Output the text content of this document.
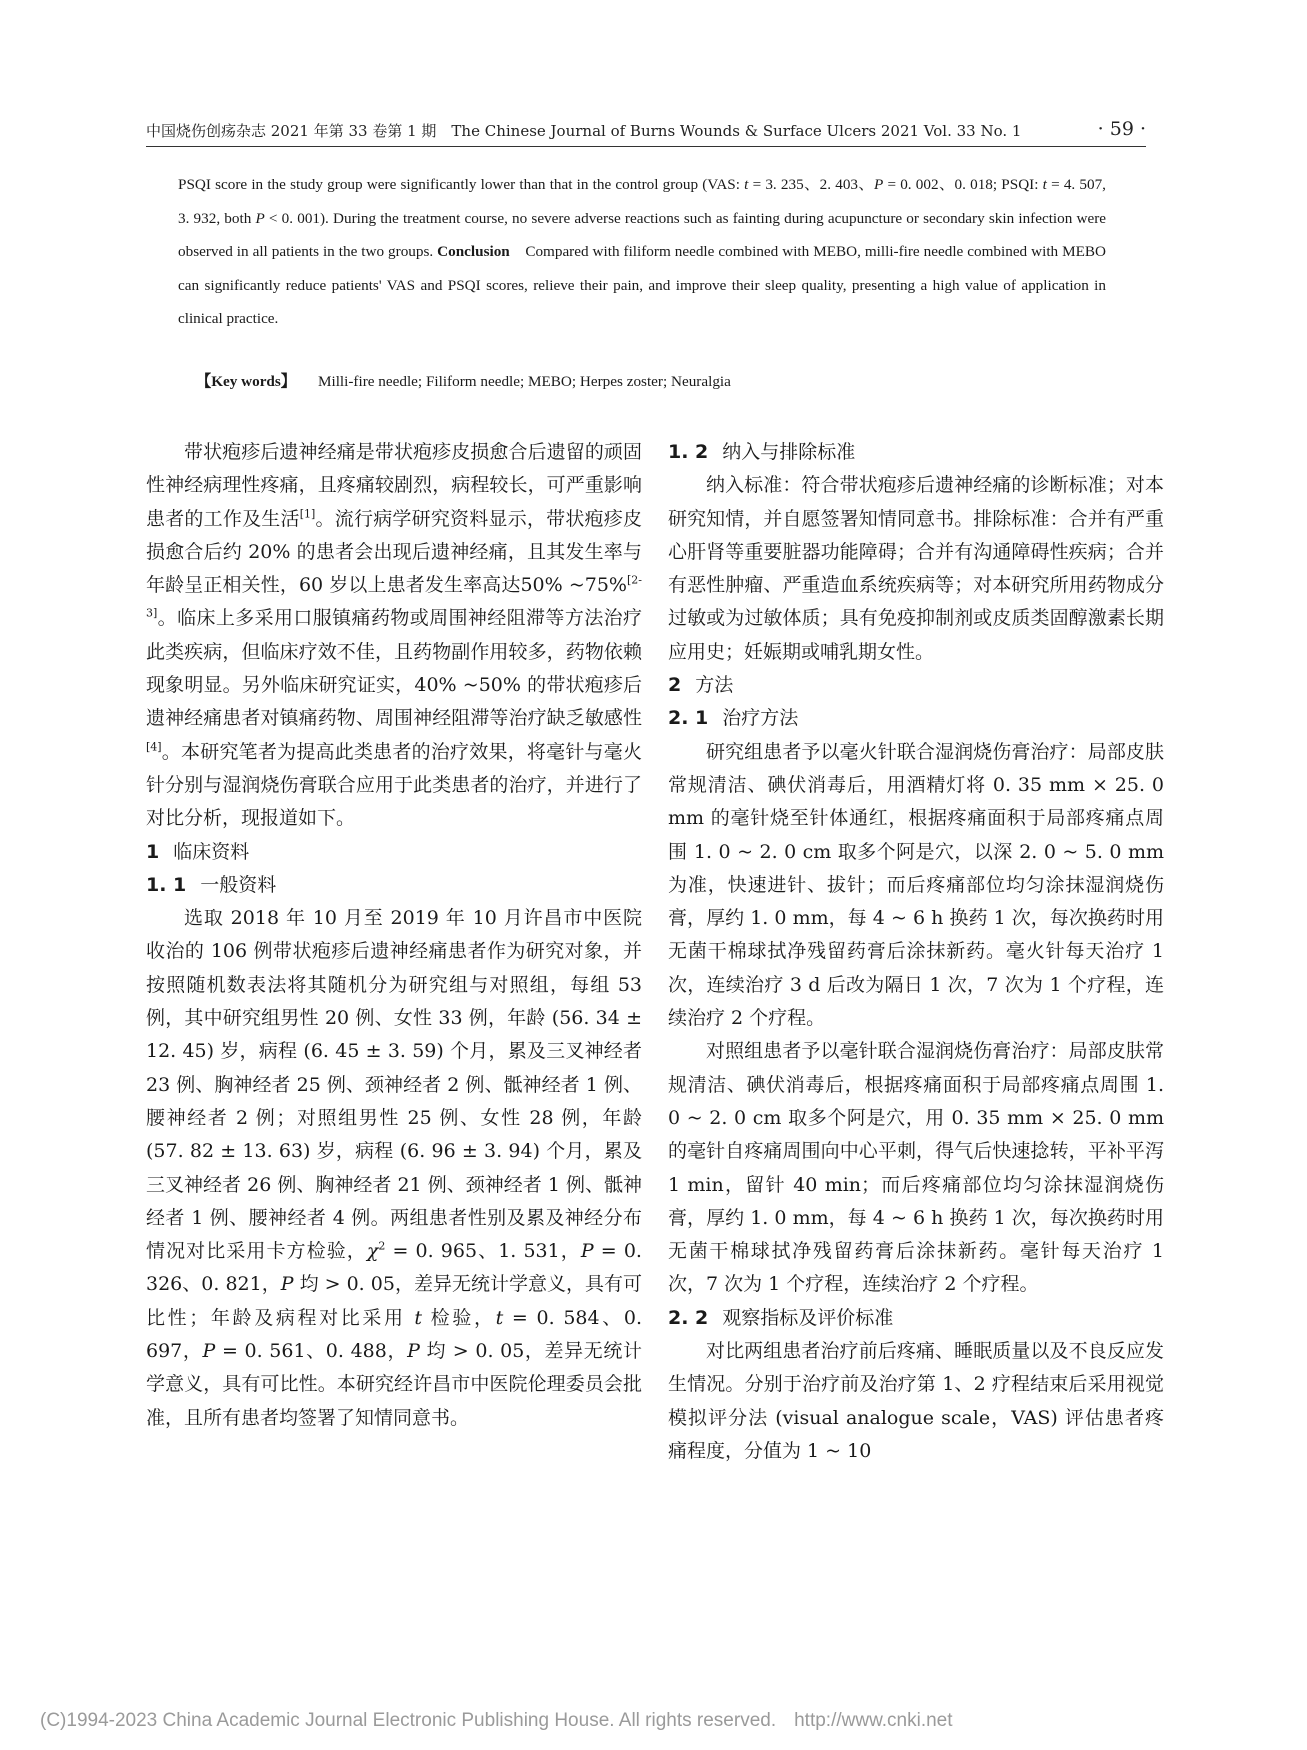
中国烧伤创疡杂志 2021 年第 33 卷第 1 期　The Chinese Journal of Burns Wounds & Surface Ulcers 2021 Vol. 33 No. 1	· 59 ·

PSQI score in the study group were significantly lower than that in the control group (VAS: t = 3. 235、2. 403、P = 0. 002、0. 018; PSQI: t = 4. 507, 3. 932, both P < 0. 001). During the treatment course, no severe adverse reactions such as fainting during acupuncture or secondary skin infection were observed in all patients in the two groups. Conclusion　Compared with filiform needle combined with MEBO, milli-fire needle combined with MEBO can significantly reduce patients' VAS and PSQI scores, relieve their pain, and improve their sleep quality, presenting a high value of application in clinical practice.

【Key words】 Milli-fire needle; Filiform needle; MEBO; Herpes zoster; Neuralgia

带状疱疹后遗神经痛是带状疱疹皮损愈合后遗留的顽固性神经病理性疼痛，且疼痛较剧烈，病程较长，可严重影响患者的工作及生活[1]。流行病学研究资料显示，带状疱疹皮损愈合后约 20% 的患者会出现后遗神经痛，且其发生率与年龄呈正相关性，60 岁以上患者发生率高达50% ~75%[2-3]。临床上多采用口服镇痛药物或周围神经阻滞等方法治疗此类疾病，但临床疗效不佳，且药物副作用较多，药物依赖现象明显。另外临床研究证实，40% ~50% 的带状疱疹后遗神经痛患者对镇痛药物、周围神经阻滞等治疗缺乏敏感性[4]。本研究笔者为提高此类患者的治疗效果，将毫针与毫火针分别与湿润烧伤膏联合应用于此类患者的治疗，并进行了对比分析，现报道如下。

1 临床资料
1. 1 一般资料

选取 2018 年 10 月至 2019 年 10 月许昌市中医院收治的 106 例带状疱疹后遗神经痛患者作为研究对象，并按照随机数表法将其随机分为研究组与对照组，每组 53 例，其中研究组男性 20 例、女性 33 例，年龄 (56. 34 ± 12. 45) 岁，病程 (6. 45 ± 3. 59) 个月，累及三叉神经者 23 例、胸神经者 25 例、颈神经者 2 例、骶神经者 1 例、腰神经者 2 例；对照组男性 25 例、女性 28 例，年龄 (57. 82 ± 13. 63) 岁，病程 (6. 96 ± 3. 94) 个月，累及三叉神经者 26 例、胸神经者 21 例、颈神经者 1 例、骶神经者 1 例、腰神经者 4 例。两组患者性别及累及神经分布情况对比采用卡方检验，$\chi^2 = 0$. 965、1. 531，P = 0. 326、0. 821，P 均 > 0. 05，差异无统计学意义，具有可比性；年龄及病程对比采用 t 检验，t = 0. 584、0. 697，P = 0. 561、0. 488，P 均 > 0. 05，差异无统计学意义，具有可比性。本研究经许昌市中医院伦理委员会批准，且所有患者均签署了知情同意书。

1. 2 纳入与排除标准

纳入标准：符合带状疱疹后遗神经痛的诊断标准；对本研究知情，并自愿签署知情同意书。排除标准：合并有严重心肝肾等重要脏器功能障碍；合并有沟通障碍性疾病；合并有恶性肿瘤、严重造血系统疾病等；对本研究所用药物成分过敏或为过敏体质；具有免疫抑制剂或皮质类固醇激素长期应用史；妊娠期或哺乳期女性。

2 方法
2. 1 治疗方法

研究组患者予以毫火针联合湿润烧伤膏治疗：局部皮肤常规清洁、碘伏消毒后，用酒精灯将 0. 35 mm × 25. 0 mm 的毫针烧至针体通红，根据疼痛面积于局部疼痛点周围 1. 0 ~ 2. 0 cm 取多个阿是穴，以深 2. 0 ~ 5. 0 mm 为准，快速进针、拔针；而后疼痛部位均匀涂抹湿润烧伤膏，厚约 1. 0 mm，每 4 ~ 6 h 换药 1 次，每次换药时用无菌干棉球拭净残留药膏后涂抹新药。毫火针每天治疗 1 次，连续治疗 3 d 后改为隔日 1 次，7 次为 1 个疗程，连续治疗 2 个疗程。

对照组患者予以毫针联合湿润烧伤膏治疗：局部皮肤常规清洁、碘伏消毒后，根据疼痛面积于局部疼痛点周围 1. 0 ~ 2. 0 cm 取多个阿是穴，用 0. 35 mm × 25. 0 mm 的毫针自疼痛周围向中心平刺，得气后快速捻转，平补平泻 1 min，留针 40 min；而后疼痛部位均匀涂抹湿润烧伤膏，厚约 1. 0 mm，每 4 ~ 6 h 换药 1 次，每次换药时用无菌干棉球拭净残留药膏后涂抹新药。毫针每天治疗 1 次，7 次为 1 个疗程，连续治疗 2 个疗程。

2. 2 观察指标及评价标准

对比两组患者治疗前后疼痛、睡眠质量以及不良反应发生情况。分别于治疗前及治疗第 1、2 疗程结束后采用视觉模拟评分法 (visual analogue scale，VAS) 评估患者疼痛程度，分值为 1 ~ 10

(C)1994-2023 China Academic Journal Electronic Publishing House. All rights reserved. http://www.cnki.net
